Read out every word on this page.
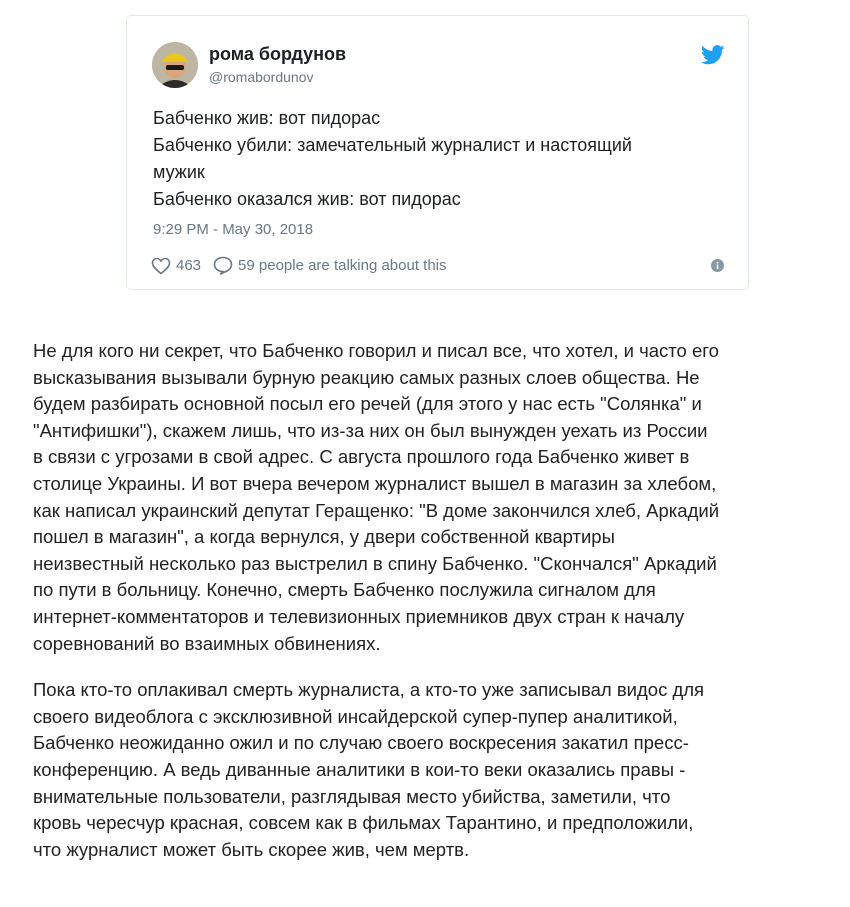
рома бордунов
@romabordunov
Бабченко жив: вот пидорас
Бабченко убили: замечательный журналист и настоящий
мужик
Бабченко оказался жив: вот пидорас
9:29 PM - May 30, 2018
463 59 people are talking about this

Не для кого ни секрет, что Бабченко говорил и писал все, что хотел, и часто его
высказывания вызывали бурную реакцию самых разных слоев общества. Не
будем разбирать основной посыл его речей (для этого у нас есть "Солянка" и
"Антифишки"), скажем лишь, что из-за них он был вынужден уехать из России
в связи с угрозами в свой адрес. С августа прошлого года Бабченко живет в
столице Украины. И вот вчера вечером журналист вышел в магазин за хлебом,
как написал украинский депутат Геращенко: "В доме закончился хлеб, Аркадий
пошел в магазин", а когда вернулся, у двери собственной квартиры
неизвестный несколько раз выстрелил в спину Бабченко. "Скончался" Аркадий
по пути в больницу. Конечно, смерть Бабченко послужила сигналом для
интернет-комментаторов и телевизионных приемников двух стран к началу
соревнований во взаимных обвинениях.

Пока кто-то оплакивал смерть журналиста, а кто-то уже записывал видос для
своего видеоблога с эксклюзивной инсайдерской супер-пупер аналитикой,
Бабченко неожиданно ожил и по случаю своего воскресения закатил пресс-
конференцию. А ведь диванные аналитики в кои-то веки оказались правы -
внимательные пользователи, разглядывая место убийства, заметили, что
кровь чересчур красная, совсем как в фильмах Тарантино, и предположили,
что журналист может быть скорее жив, чем мертв.
